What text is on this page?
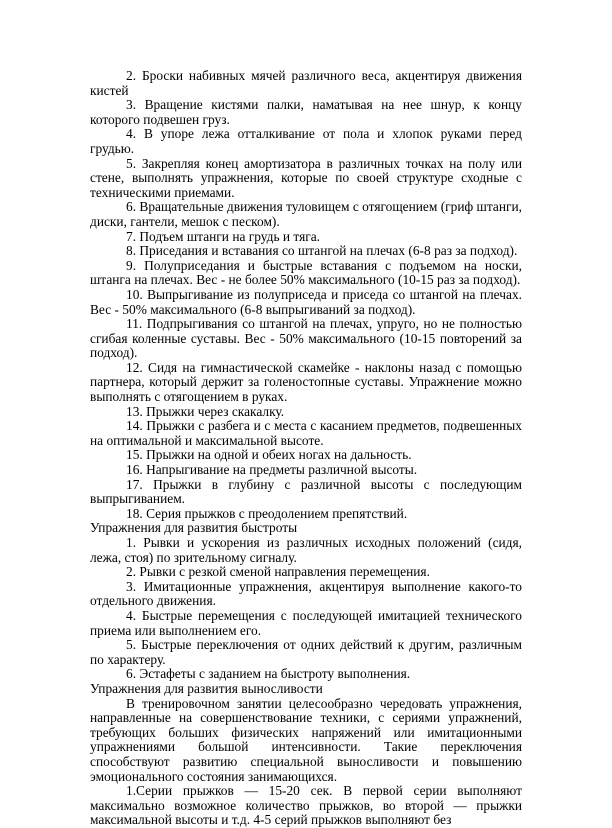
2. Броски набивных мячей различного веса, акцентируя движения кистей

3. Вращение кистями палки, наматывая на нее шнур, к концу которого подвешен груз.

4. В упоре лежа отталкивание от пола и хлопок руками перед грудью.

5. Закрепляя конец амортизатора в различных точках на полу или стене, выполнять упражнения, которые по своей структуре сходные с техническими приемами.

6. Вращательные движения туловищем с отягощением (гриф штанги, диски, гантели, мешок с песком).

7. Подъем штанги на грудь и тяга.

8. Приседания и вставания со штангой на плечах (6-8 раз за подход).

9. Полуприседания и быстрые вставания с подъемом на носки, штанга на плечах. Вес - не более 50% максимального (10-15 раз за подход).

10. Выпрыгивание из полуприседа и приседа со штангой на плечах. Вес - 50% максимального (6-8 выпрыгиваний за подход).

11. Подпрыгивания со штангой на плечах, упруго, но не полностью сгибая коленные суставы. Вес - 50% максимального (10-15 повторений за подход).

12. Сидя на гимнастической скамейке - наклоны назад с помощью партнера, который держит за голеностопные суставы. Упражнение можно выполнять с отягощением в руках.

13. Прыжки через скакалку.

14. Прыжки с разбега и с места с касанием предметов, подвешенных на оптимальной и максимальной высоте.

15. Прыжки на одной и обеих ногах на дальность.

16. Напрыгивание на предметы различной высоты.

17. Прыжки в глубину с различной высоты с последующим выпрыгиванием.

18. Серия прыжков с преодолением препятствий.

Упражнения для развития быстроты

1. Рывки и ускорения из различных исходных положений (сидя, лежа, стоя) по зрительному сигналу.

2. Рывки с резкой сменой направления перемещения.

3. Имитационные упражнения, акцентируя выполнение какого-то отдельного движения.

4. Быстрые перемещения с последующей имитацией технического приема или выполнением его.

5. Быстрые переключения от одних действий к другим, различным по характеру.

6. Эстафеты с заданием на быстроту выполнения.

Упражнения для развития выносливости

В тренировочном занятии целесообразно чередовать упражнения, направленные на совершенствование техники, с сериями упражнений, требующих больших физических напряжений или имитационными упражнениями большой интенсивности. Такие переключения способствуют развитию специальной выносливости и повышению эмоционального состояния занимающихся.

1.Серии прыжков — 15-20 сек. В первой серии выполняют максимально возможное количество прыжков, во второй — прыжки максимальной высоты и т.д. 4-5 серий прыжков выполняют без
